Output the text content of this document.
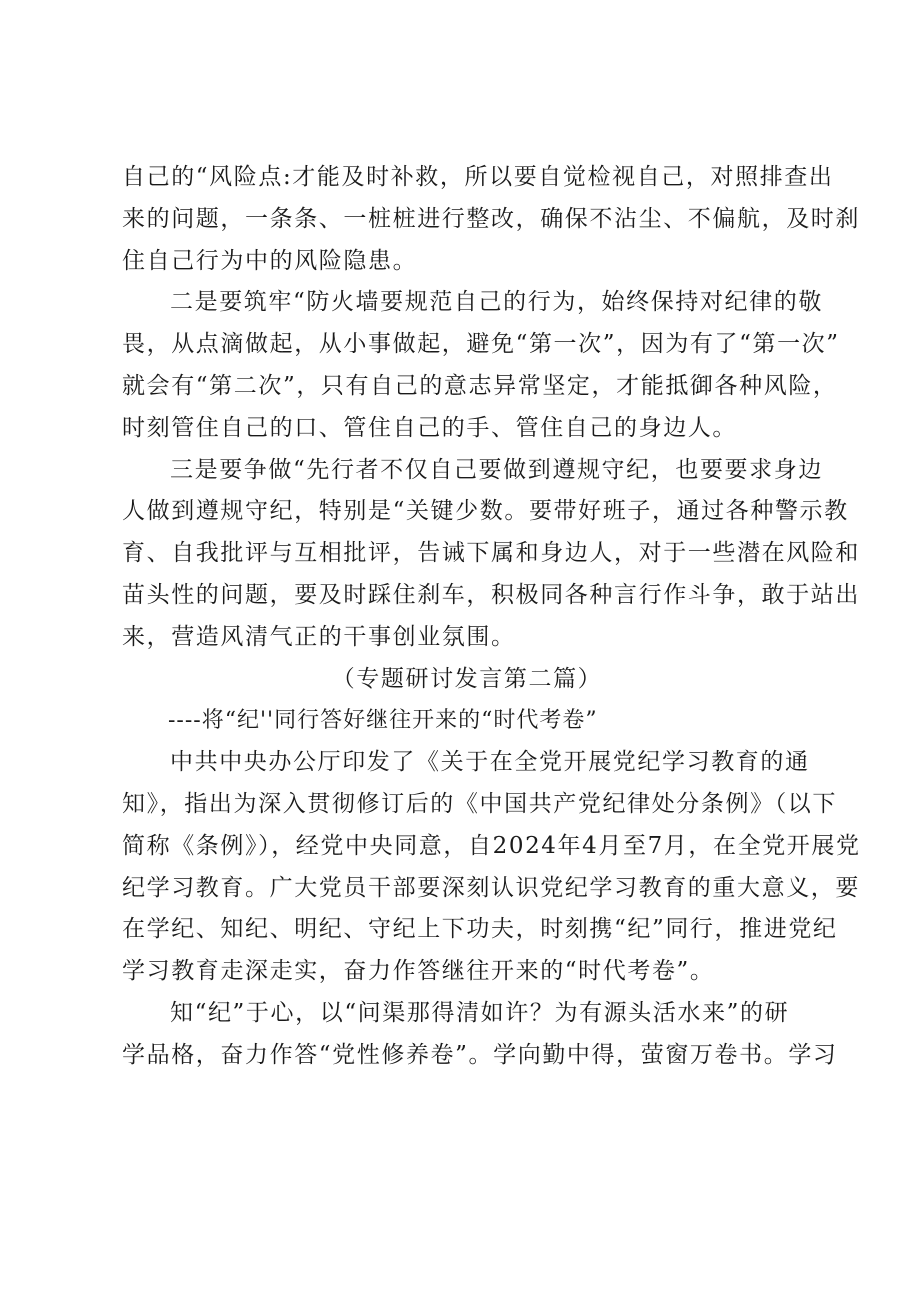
自己的“风险点:才能及时补救，所以要自觉检视自己，对照排查出
来的问题，一条条、一桩桩进行整改，确保不沾尘、不偏航，及时刹
住自己行为中的风险隐患。
二是要筑牢“防火墙要规范自己的行为，始终保持对纪律的敬
畏，从点滴做起，从小事做起，避免“第一次”，因为有了“第一次”
就会有“第二次”，只有自己的意志异常坚定，才能抵御各种风险，
时刻管住自己的口、管住自己的手、管住自己的身边人。
三是要争做“先行者不仅自己要做到遵规守纪，也要要求身边
人做到遵规守纪，特别是“关键少数。要带好班子，通过各种警示教
育、自我批评与互相批评，告诫下属和身边人，对于一些潜在风险和
苗头性的问题，要及时踩住刹车，积极同各种言行作斗争，敢于站出
来，营造风清气正的干事创业氛围。
（专题研讨发言第二篇）
----将“纪''同行答好继往开来的“时代考卷”
中共中央办公厅印发了《关于在全党开展党纪学习教育的通
知》，指出为深入贯彻修订后的《中国共产党纪律处分条例》（以下
简称《条例》），经党中央同意，自2024年4月至7月，在全党开展党
纪学习教育。广大党员干部要深刻认识党纪学习教育的重大意义，要
在学纪、知纪、明纪、守纪上下功夫，时刻携“纪”同行，推进党纪
学习教育走深走实，奋力作答继往开来的“时代考卷”。
知“纪”于心，以“问渠那得清如许？为有源头活水来”的研
学品格，奋力作答“党性修养卷”。学向勤中得，萤窗万卷书。学习
